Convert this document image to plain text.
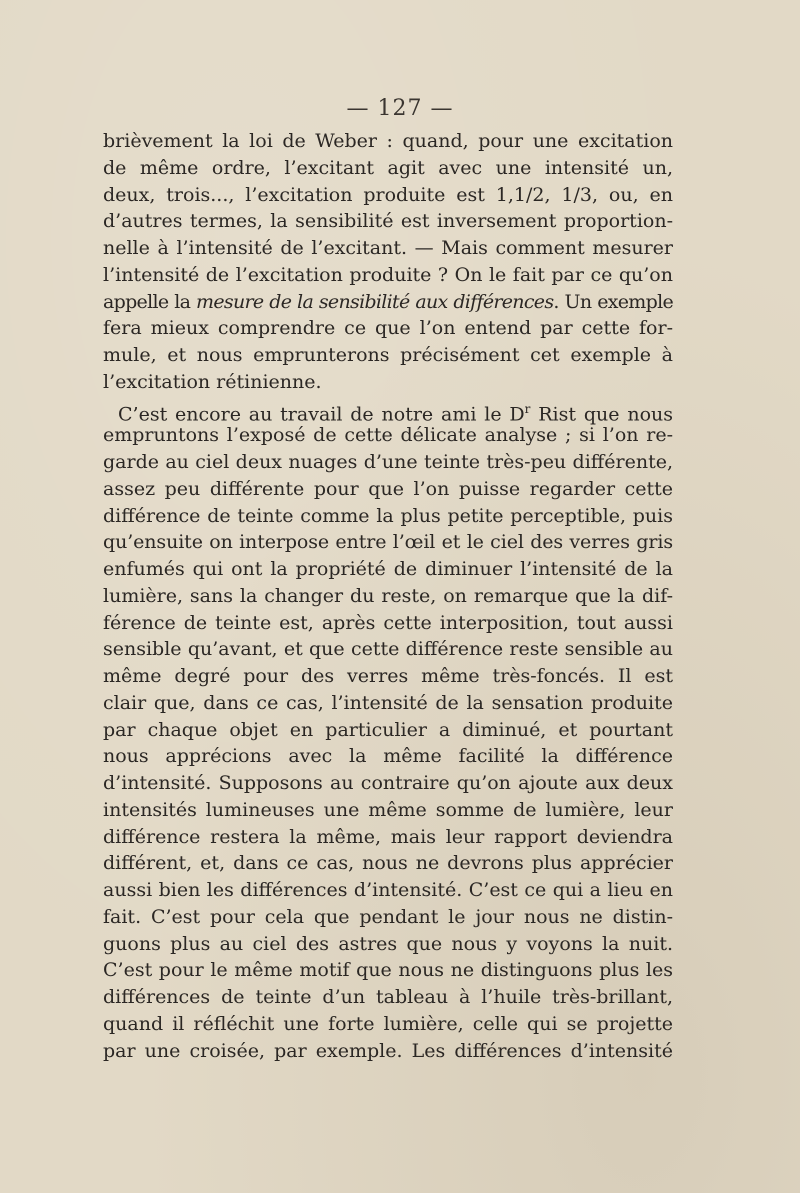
— 127 —
brièvement la loi de Weber : quand, pour une excitation
de même ordre, l’excitant agit avec une intensité un,
deux, trois..., l’excitation produite est 1,1/2, 1/3, ou, en
d’autres termes, la sensibilité est inversement proportion-
nelle à l’intensité de l’excitant. — Mais comment mesurer
l’intensité de l’excitation produite ? On le fait par ce qu’on
appelle la mesure de la sensibilité aux différences. Un exemple
fera mieux comprendre ce que l’on entend par cette for-
mule, et nous emprunterons précisément cet exemple à
l’excitation rétinienne.
C’est encore au travail de notre ami le $D^r$ Rist que nous
empruntons l’exposé de cette délicate analyse ; si l’on re-
garde au ciel deux nuages d’une teinte très-peu différente,
assez peu différente pour que l’on puisse regarder cette
différence de teinte comme la plus petite perceptible, puis
qu’ensuite on interpose entre l’œil et le ciel des verres gris
enfumés qui ont la propriété de diminuer l’intensité de la
lumière, sans la changer du reste, on remarque que la dif-
férence de teinte est, après cette interposition, tout aussi
sensible qu’avant, et que cette différence reste sensible au
même degré pour des verres même très-foncés. Il est
clair que, dans ce cas, l’intensité de la sensation produite
par chaque objet en particulier a diminué, et pourtant
nous apprécions avec la même facilité la différence
d’intensité. Supposons au contraire qu’on ajoute aux deux
intensités lumineuses une même somme de lumière, leur
différence restera la même, mais leur rapport deviendra
différent, et, dans ce cas, nous ne devrons plus apprécier
aussi bien les différences d’intensité. C’est ce qui a lieu en
fait. C’est pour cela que pendant le jour nous ne distin-
guons plus au ciel des astres que nous y voyons la nuit.
C’est pour le même motif que nous ne distinguons plus les
différences de teinte d’un tableau à l’huile très-brillant,
quand il réfléchit une forte lumière, celle qui se projette
par une croisée, par exemple. Les différences d’intensité
